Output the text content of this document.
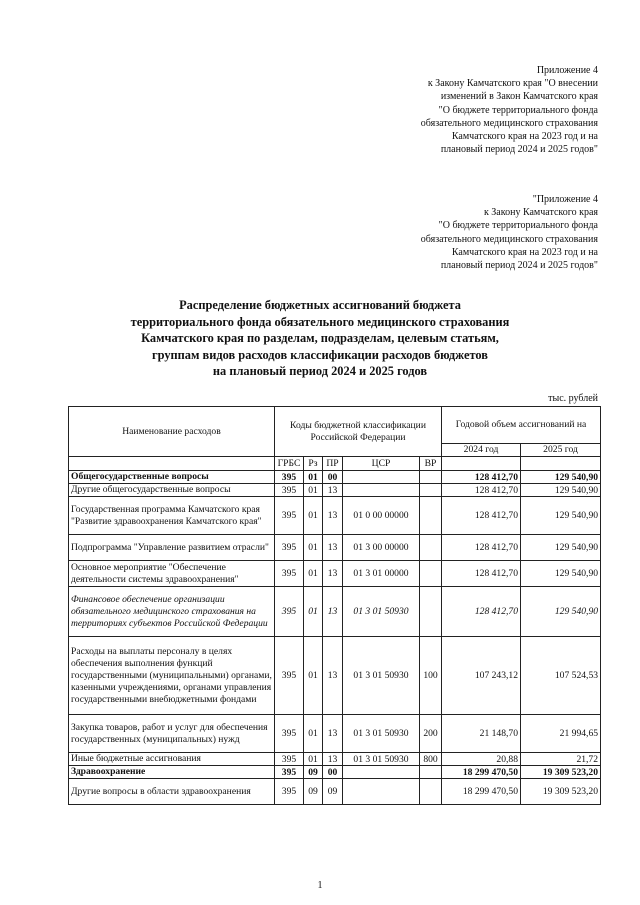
Приложение 4
к Закону Камчатского края "О внесении
изменений в Закон Камчатского края
"О бюджете территориального фонда
обязательного медицинского страхования
Камчатского края на 2023 год и на
плановый период 2024 и 2025 годов"
"Приложение 4
к Закону Камчатского края
"О бюджете территориального фонда
обязательного медицинского страхования
Камчатского края на 2023 год и на
плановый период 2024 и 2025 годов"
Распределение бюджетных ассигнований бюджета
территориального фонда обязательного медицинского страхования
Камчатского края по разделам, подразделам, целевым статьям,
группам видов расходов классификации расходов бюджетов
на плановый период 2024 и 2025 годов
тыс. рублей
Наименование расходов	Коды бюджетной классификации Российской Федерации					Годовой объем ассигнований на	
						2024 год	2025 год
	ГРБС	Рз	ПР	ЦСР	ВР		
Общегосударственные вопросы	395	01	00			128 412,70	129 540,90
Другие общегосударственные вопросы	395	01	13			128 412,70	129 540,90
Государственная программа Камчатского края "Развитие здравоохранения Камчатского края"	395	01	13	01 0 00 00000		128 412,70	129 540,90
Подпрограмма "Управление развитием отрасли"	395	01	13	01 3 00 00000		128 412,70	129 540,90
Основное мероприятие "Обеспечение деятельности системы здравоохранения"	395	01	13	01 3 01 00000		128 412,70	129 540,90
Финансовое обеспечение организации обязательного медицинского страхования на территориях субъектов Российской Федерации	395	01	13	01 3 01 50930		128 412,70	129 540,90
Расходы на выплаты персоналу в целях обеспечения выполнения функций государственными (муниципальными) органами, казенными учреждениями, органами управления государственными внебюджетными фондами	395	01	13	01 3 01 50930	100	107 243,12	107 524,53
Закупка товаров, работ и услуг для обеспечения государственных (муниципальных) нужд	395	01	13	01 3 01 50930	200	21 148,70	21 994,65
Иные бюджетные ассигнования	395	01	13	01 3 01 50930	800	20,88	21,72
Здравоохранение	395	09	00			18 299 470,50	19 309 523,20
Другие вопросы в области здравоохранения	395	09	09			18 299 470,50	19 309 523,20
1
